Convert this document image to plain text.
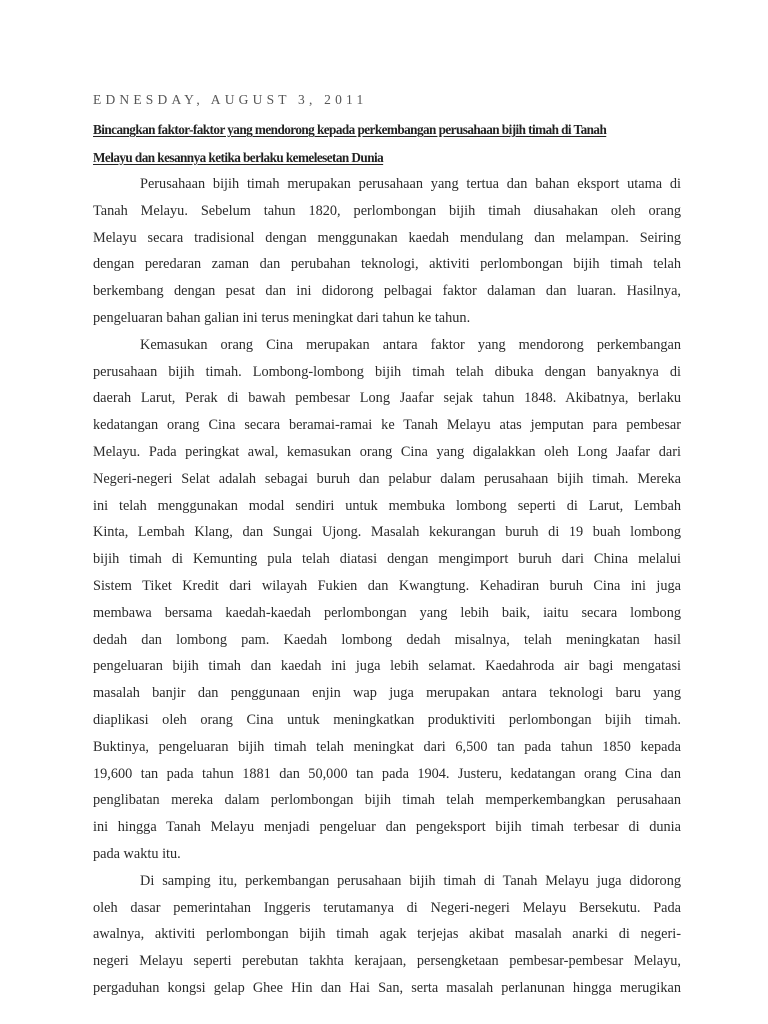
EDNESDAY, AUGUST 3, 2011

Bincangkan faktor-faktor yang mendorong kepada perkembangan perusahaan bijih timah di Tanah
Melayu dan kesannya ketika berlaku kemelesetan Dunia
Perusahaan bijih timah merupakan perusahaan yang tertua dan bahan eksport utama di
Tanah Melayu. Sebelum tahun 1820, perlombongan bijih timah diusahakan oleh orang
Melayu secara tradisional dengan menggunakan kaedah mendulang dan melampan. Seiring
dengan peredaran zaman dan perubahan teknologi, aktiviti perlombongan bijih timah telah
berkembang dengan pesat dan ini didorong pelbagai faktor dalaman dan luaran. Hasilnya,
pengeluaran bahan galian ini terus meningkat dari tahun ke tahun.
Kemasukan orang Cina merupakan antara faktor yang mendorong perkembangan
perusahaan bijih timah. Lombong-lombong bijih timah telah dibuka dengan banyaknya di
daerah Larut, Perak di bawah pembesar Long Jaafar sejak tahun 1848. Akibatnya, berlaku
kedatangan orang Cina secara beramai-ramai ke Tanah Melayu atas jemputan para pembesar
Melayu. Pada peringkat awal, kemasukan orang Cina yang digalakkan oleh Long Jaafar dari
Negeri-negeri Selat adalah sebagai buruh dan pelabur dalam perusahaan bijih timah. Mereka
ini telah menggunakan modal sendiri untuk membuka lombong seperti di Larut, Lembah
Kinta, Lembah Klang, dan Sungai Ujong. Masalah kekurangan buruh di 19 buah lombong
bijih timah di Kemunting pula telah diatasi dengan mengimport buruh dari China melalui
Sistem Tiket Kredit dari wilayah Fukien dan Kwangtung. Kehadiran buruh Cina ini juga
membawa bersama kaedah-kaedah perlombongan yang lebih baik, iaitu secara lombong
dedah dan lombong pam. Kaedah lombong dedah misalnya, telah meningkatan hasil
pengeluaran bijih timah dan kaedah ini juga lebih selamat. Kaedahroda air bagi mengatasi
masalah banjir dan penggunaan enjin wap juga merupakan antara teknologi baru yang
diaplikasi oleh orang Cina untuk meningkatkan produktiviti perlombongan bijih timah.
Buktinya, pengeluaran bijih timah telah meningkat dari 6,500 tan pada tahun 1850 kepada
19,600 tan pada tahun 1881 dan 50,000 tan pada 1904. Justeru, kedatangan orang Cina dan
penglibatan mereka dalam perlombongan bijih timah telah memperkembangkan perusahaan
ini hingga Tanah Melayu menjadi pengeluar dan pengeksport bijih timah terbesar di dunia
pada waktu itu.
Di samping itu, perkembangan perusahaan bijih timah di Tanah Melayu juga didorong
oleh dasar pemerintahan Inggeris terutamanya di Negeri-negeri Melayu Bersekutu. Pada
awalnya, aktiviti perlombongan bijih timah agak terjejas akibat masalah anarki di negeri-
negeri Melayu seperti perebutan takhta kerajaan, persengketaan pembesar-pembesar Melayu,
pergaduhan kongsi gelap Ghee Hin dan Hai San, serta masalah perlanunan hingga merugikan
